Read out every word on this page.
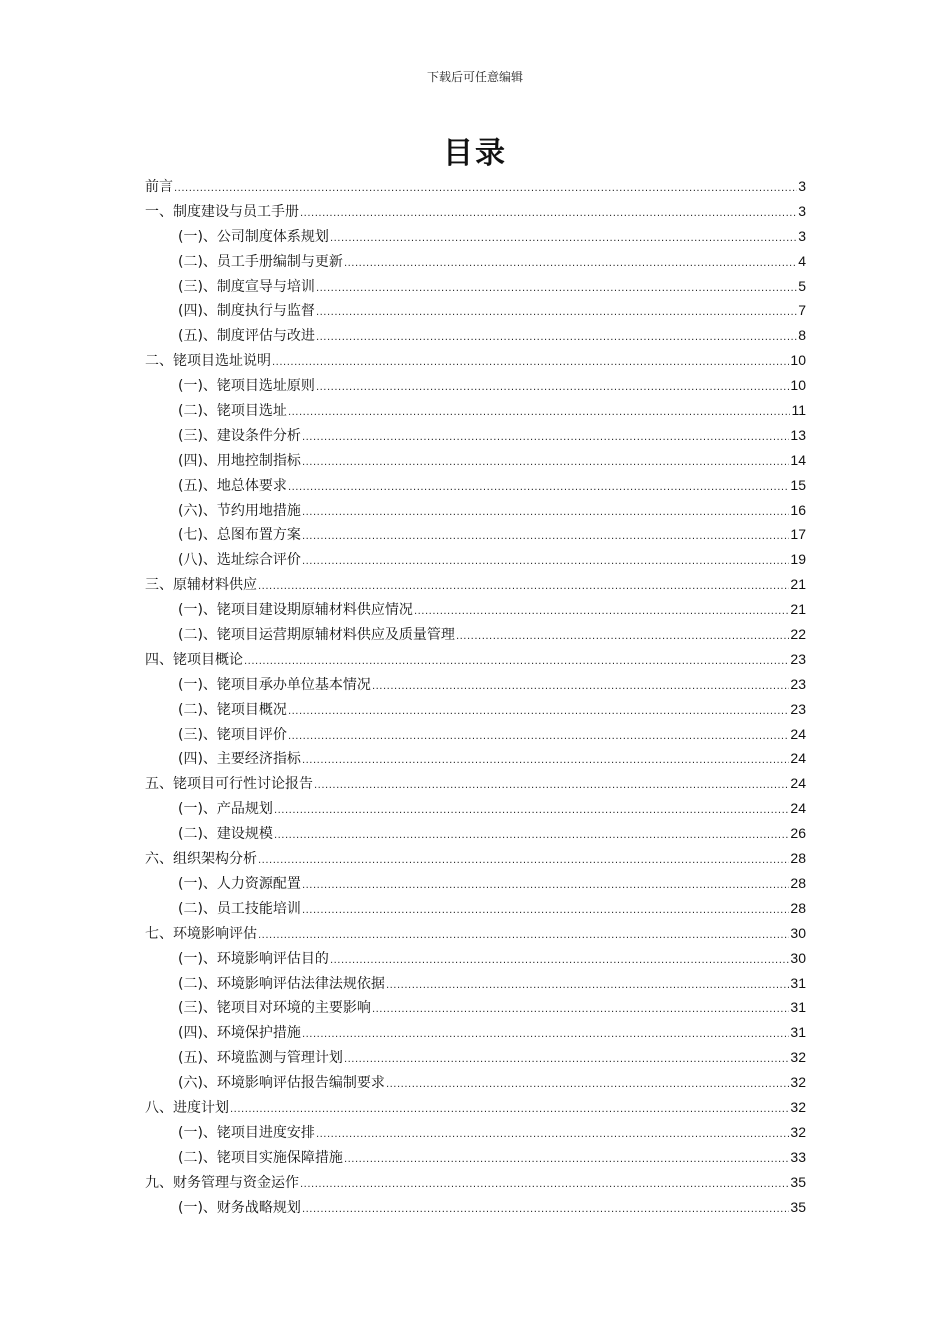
下载后可任意编辑
目录
前言 .....	3
一、制度建设与员工手册 .....	3
(一)、公司制度体系规划 .....	3
(二)、员工手册编制与更新 .....	4
(三)、制度宣导与培训 .....	5
(四)、制度执行与监督 .....	7
(五)、制度评估与改进 .....	8
二、铑项目选址说明 .....	10
(一)、铑项目选址原则 .....	10
(二)、铑项目选址 .....	11
(三)、建设条件分析 .....	13
(四)、用地控制指标 .....	14
(五)、地总体要求 .....	15
(六)、节约用地措施 .....	16
(七)、总图布置方案 .....	17
(八)、选址综合评价 .....	19
三、原辅材料供应 .....	21
(一)、铑项目建设期原辅材料供应情况 .....	21
(二)、铑项目运营期原辅材料供应及质量管理 .....	22
四、铑项目概论 .....	23
(一)、铑项目承办单位基本情况 .....	23
(二)、铑项目概况 .....	23
(三)、铑项目评价 .....	24
(四)、主要经济指标 .....	24
五、铑项目可行性讨论报告 .....	24
(一)、产品规划 .....	24
(二)、建设规模 .....	26
六、组织架构分析 .....	28
(一)、人力资源配置 .....	28
(二)、员工技能培训 .....	28
七、环境影响评估 .....	30
(一)、环境影响评估目的 .....	30
(二)、环境影响评估法律法规依据 .....	31
(三)、铑项目对环境的主要影响 .....	31
(四)、环境保护措施 .....	31
(五)、环境监测与管理计划 .....	32
(六)、环境影响评估报告编制要求 .....	32
八、进度计划 .....	32
(一)、铑项目进度安排 .....	32
(二)、铑项目实施保障措施 .....	33
九、财务管理与资金运作 .....	35
(一)、财务战略规划 .....	35
